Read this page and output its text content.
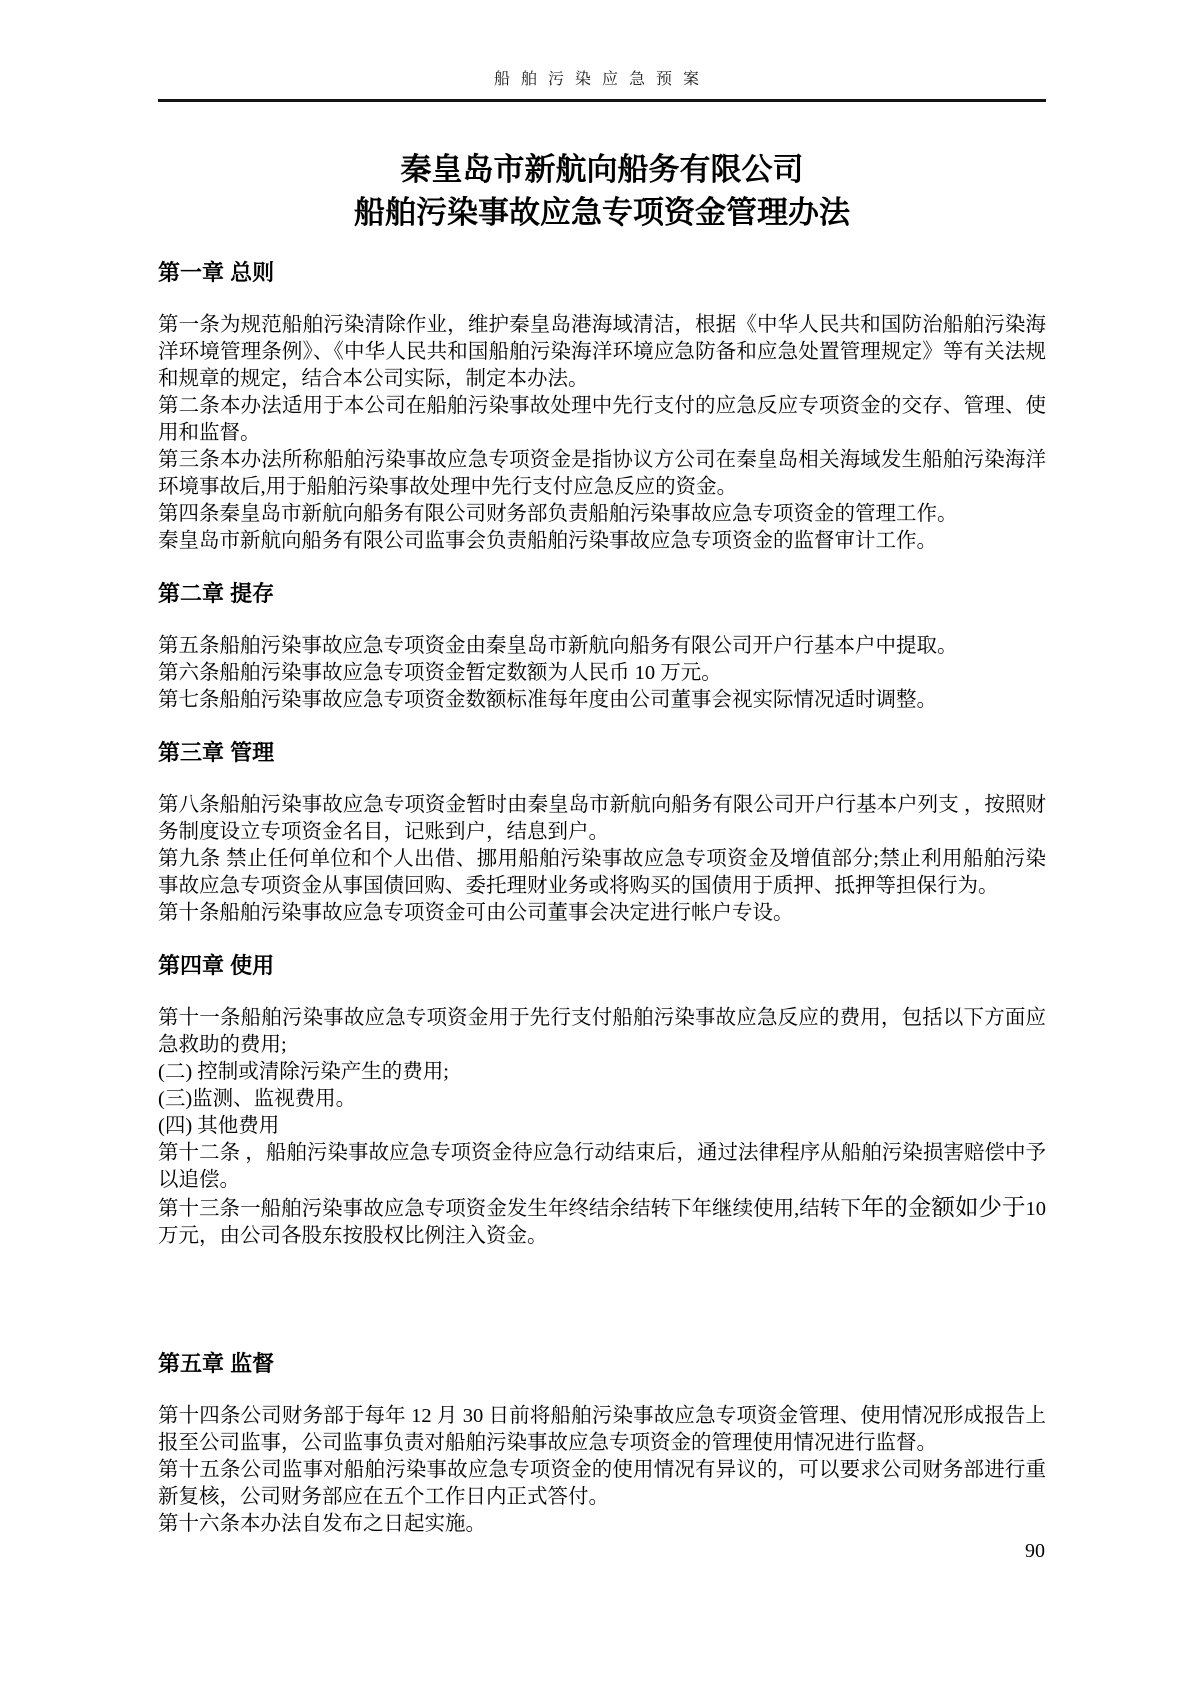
船舶污染应急预案
秦皇岛市新航向船务有限公司
船舶污染事故应急专项资金管理办法
第一章 总则

第一条为规范船舶污染清除作业，维护秦皇岛港海域清洁，根据《中华人民共和国防治船舶污染海洋环境管理条例》、《中华人民共和国船舶污染海洋环境应急防备和应急处置管理规定》等有关法规和规章的规定，结合本公司实际，制定本办法。

第二条本办法适用于本公司在船舶污染事故处理中先行支付的应急反应专项资金的交存、管理、使用和监督。

第三条本办法所称船舶污染事故应急专项资金是指协议方公司在秦皇岛相关海域发生船舶污染海洋环境事故后,用于船舶污染事故处理中先行支付应急反应的资金。

第四条秦皇岛市新航向船务有限公司财务部负责船舶污染事故应急专项资金的管理工作。

秦皇岛市新航向船务有限公司监事会负责船舶污染事故应急专项资金的监督审计工作。

第二章 提存

第五条船舶污染事故应急专项资金由秦皇岛市新航向船务有限公司开户行基本户中提取。

第六条船舶污染事故应急专项资金暂定数额为人民币 10 万元。

第七条船舶污染事故应急专项资金数额标准每年度由公司董事会视实际情况适时调整。

第三章 管理

第八条船舶污染事故应急专项资金暂时由秦皇岛市新航向船务有限公司开户行基本户列支 ，按照财务制度设立专项资金名目，记账到户，结息到户。

第九条 禁止任何单位和个人出借、挪用船舶污染事故应急专项资金及增值部分;禁止利用船舶污染事故应急专项资金从事国债回购、委托理财业务或将购买的国债用于质押、抵押等担保行为。

第十条船舶污染事故应急专项资金可由公司董事会决定进行帐户专设。

第四章 使用

第十一条船舶污染事故应急专项资金用于先行支付船舶污染事故应急反应的费用，包括以下方面应急救助的费用;

(二) 控制或清除污染产生的费用;

(三)监测、监视费用。

(四) 其他费用

第十二条 ，船舶污染事故应急专项资金待应急行动结束后，通过法律程序从船舶污染损害赔偿中予以追偿。

第十三条一船舶污染事故应急专项资金发生年终结余结转下年继续使用,结转下年的金额如少于10 万元，由公司各股东按股权比例注入资金。

第五章 监督

第十四条公司财务部于每年 12 月 30 日前将船舶污染事故应急专项资金管理、使用情况形成报告上报至公司监事，公司监事负责对船舶污染事故应急专项资金的管理使用情况进行监督。

第十五条公司监事对船舶污染事故应急专项资金的使用情况有异议的，可以要求公司财务部进行重新复核，公司财务部应在五个工作日内正式答付。

第十六条本办法自发布之日起实施。

90
